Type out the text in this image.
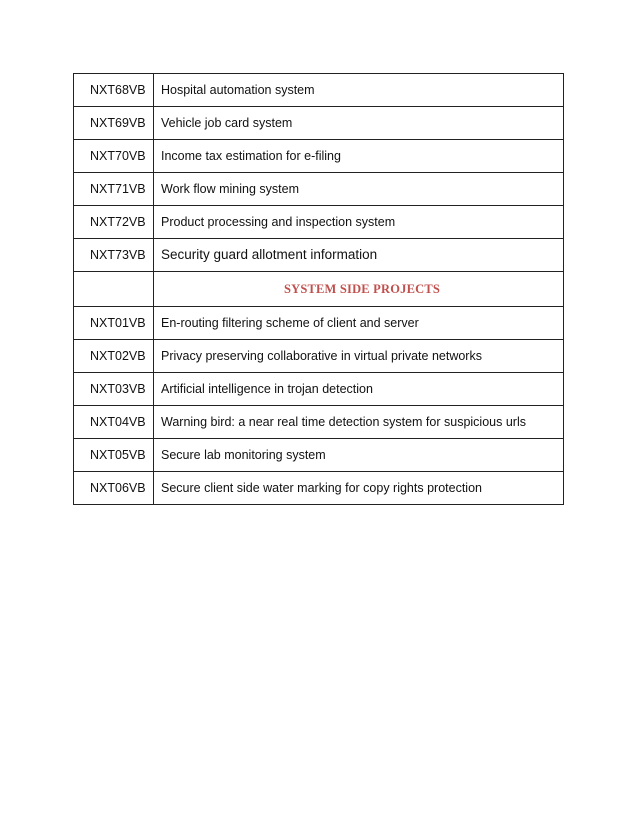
NXT68VB	Hospital automation system
NXT69VB	Vehicle job card system
NXT70VB	Income tax estimation for e-filing
NXT71VB	Work flow mining system
NXT72VB	Product processing and inspection system
NXT73VB	Security guard allotment information
	SYSTEM SIDE PROJECTS
NXT01VB	En-routing filtering scheme of client and server
NXT02VB	Privacy preserving collaborative in virtual private networks
NXT03VB	Artificial intelligence in trojan detection
NXT04VB	Warning bird: a near real time detection system for suspicious urls
NXT05VB	Secure lab monitoring system
NXT06VB	Secure client side water marking for copy rights protection
